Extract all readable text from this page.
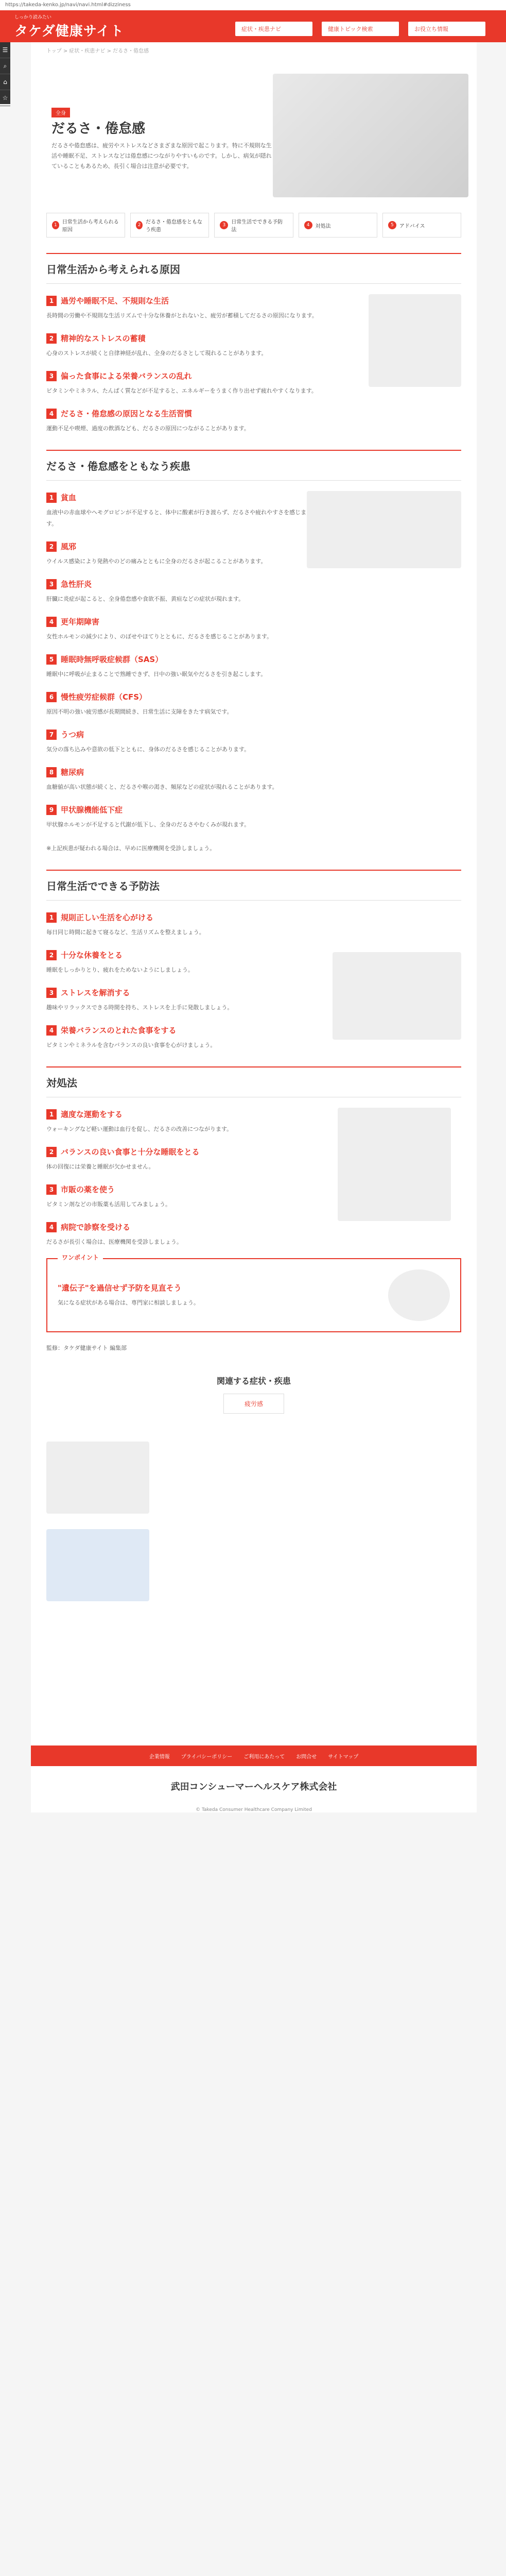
https://takeda-kenko.jp/navi/navi.html#dizziness
しっかり読みたい
タケダ健康サイト	症状・疾患ナビ	健康トピック検索	お役立ち情報
☰
⌕
⌂
☆
トップ > 症状・疾患ナビ > だるさ・倦怠感
全身
だるさ・倦怠感
だるさや倦怠感は、疲労やストレスなどさまざまな原因で起こります。特に不規則な生活や睡眠不足、ストレスなどは倦怠感につながりやすいものです。しかし、病気が隠れていることもあるため、長引く場合は注意が必要です。
1	日常生活から考えられる原因
2 だるさ・倦怠感をともなう疾患
3	日常生活でできる予防法
4	対処法	5	アドバイス
日常生活から考えられる原因
1 過労や睡眠不足、不規則な生活
長時間の労働や不規則な生活リズムで十分な休養がとれないと、疲労が蓄積してだるさの原因になります。
2 精神的なストレスの蓄積
心身のストレスが続くと自律神経が乱れ、全身のだるさとして現れることがあります。
3 偏った食事による栄養バランスの乱れ
ビタミンやミネラル、たんぱく質などが不足すると、エネルギーをうまく作り出せず疲れやすくなります。
4 だるさ・倦怠感の原因となる生活習慣
運動不足や喫煙、過度の飲酒なども、だるさの原因につながることがあります。
だるさ・倦怠感をともなう疾患
1 貧血
血液中の赤血球やヘモグロビンが不足すると、体中に酸素が行き渡らず、だるさや疲れやすさを感じます。
2 風邪
ウイルス感染により発熱やのどの痛みとともに全身のだるさが起こることがあります。
3 急性肝炎
肝臓に炎症が起こると、全身倦怠感や食欲不振、黄疸などの症状が現れます。
4 更年期障害
女性ホルモンの減少により、のぼせやほてりとともに、だるさを感じることがあります。
5 睡眠時無呼吸症候群（SAS）
睡眠中に呼吸が止まることで熟睡できず、日中の強い眠気やだるさを引き起こします。
6 慢性疲労症候群（CFS）
原因不明の強い疲労感が長期間続き、日常生活に支障をきたす病気です。
7 うつ病
気分の落ち込みや意欲の低下とともに、身体のだるさを感じることがあります。
8 糖尿病
血糖値が高い状態が続くと、だるさや喉の渇き、頻尿などの症状が現れることがあります。
9 甲状腺機能低下症
甲状腺ホルモンが不足すると代謝が低下し、全身のだるさやむくみが現れます。
※上記疾患が疑われる場合は、早めに医療機関を受診しましょう。
日常生活でできる予防法
1 規則正しい生活を心がける
毎日同じ時間に起きて寝るなど、生活リズムを整えましょう。
2 十分な休養をとる
睡眠をしっかりとり、疲れをためないようにしましょう。
3 ストレスを解消する
趣味やリラックスできる時間を持ち、ストレスを上手に発散しましょう。
4 栄養バランスのとれた食事をする
ビタミンやミネラルを含むバランスの良い食事を心がけましょう。
対処法
1 適度な運動をする
ウォーキングなど軽い運動は血行を促し、だるさの改善につながります。
2 バランスの良い食事と十分な睡眠をとる
体の回復には栄養と睡眠が欠かせません。
3 市販の薬を使う
ビタミン剤などの市販薬も活用してみましょう。
4 病院で診察を受ける
だるさが長引く場合は、医療機関を受診しましょう。
ワンポイント
"遺伝子"を過信せず予防を見直そう
気になる症状がある場合は、専門家に相談しましょう。
監修：タケダ健康サイト 編集部
関連する症状・疾患
疲労感
企業情報 プライバシーポリシー ご利用にあたって お問合せ サイトマップ
武田コンシューマーヘルスケア株式会社
© Takeda Consumer Healthcare Company Limited
